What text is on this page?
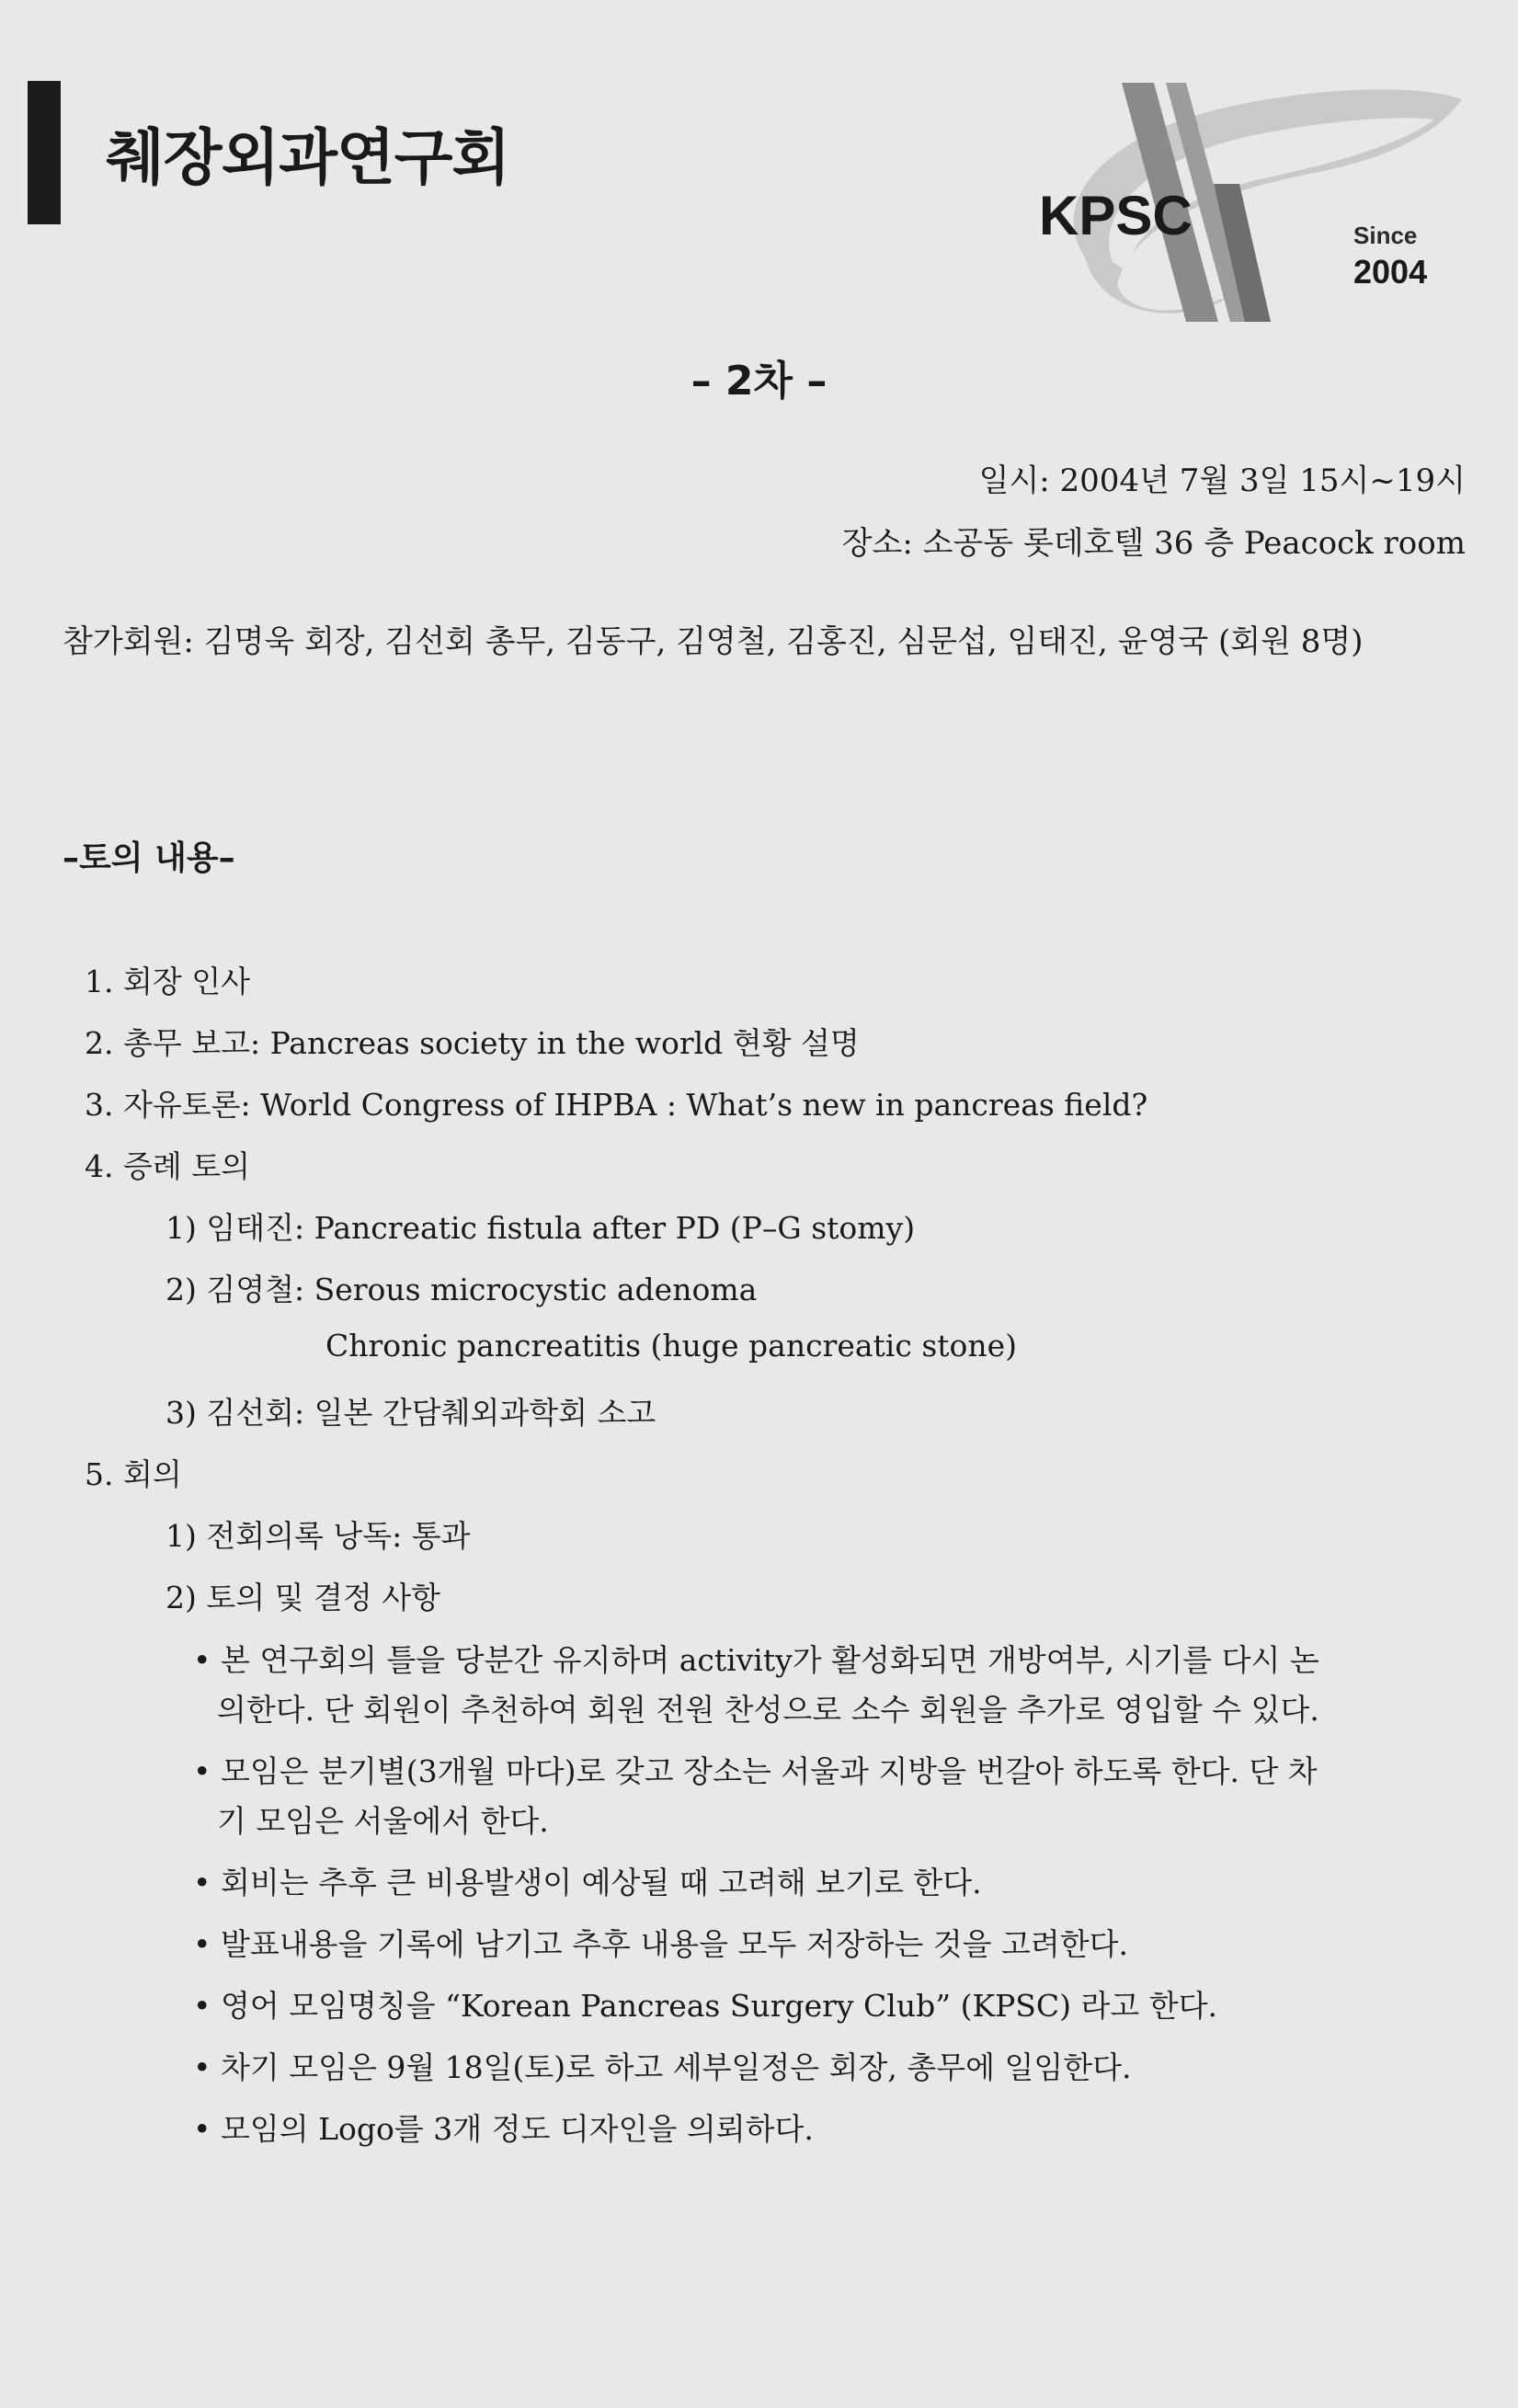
췌장외과연구회
KPSC	Since
2004
– 2차 –
일시: 2004년 7월 3일 15시~19시
장소: 소공동 롯데호텔 36 층 Peacock room
참가회원: 김명욱 회장, 김선회 총무, 김동구, 김영철, 김홍진, 심문섭, 임태진, 윤영국 (회원 8명)
–토의 내용–
1. 회장 인사
2. 총무 보고: Pancreas society in the world 현황 설명
3. 자유토론: World Congress of IHPBA : What’s new in pancreas field?
4. 증례 토의
1) 임태진: Pancreatic fistula after PD (P–G stomy)
2) 김영철: Serous microcystic adenoma
Chronic pancreatitis (huge pancreatic stone)
3) 김선회: 일본 간담췌외과학회 소고
5. 회의
1) 전회의록 낭독: 통과
2) 토의 및 결정 사항
• 본 연구회의 틀을 당분간 유지하며 activity가 활성화되면 개방여부, 시기를 다시 논
의한다. 단 회원이 추천하여 회원 전원 찬성으로 소수 회원을 추가로 영입할 수 있다.
• 모임은 분기별(3개월 마다)로 갖고 장소는 서울과 지방을 번갈아 하도록 한다. 단 차
기 모임은 서울에서 한다.
• 회비는 추후 큰 비용발생이 예상될 때 고려해 보기로 한다.
• 발표내용을 기록에 남기고 추후 내용을 모두 저장하는 것을 고려한다.
• 영어 모임명칭을 “Korean Pancreas Surgery Club” (KPSC) 라고 한다.
• 차기 모임은 9월 18일(토)로 하고 세부일정은 회장, 총무에 일임한다.
• 모임의 Logo를 3개 정도 디자인을 의뢰하다.
